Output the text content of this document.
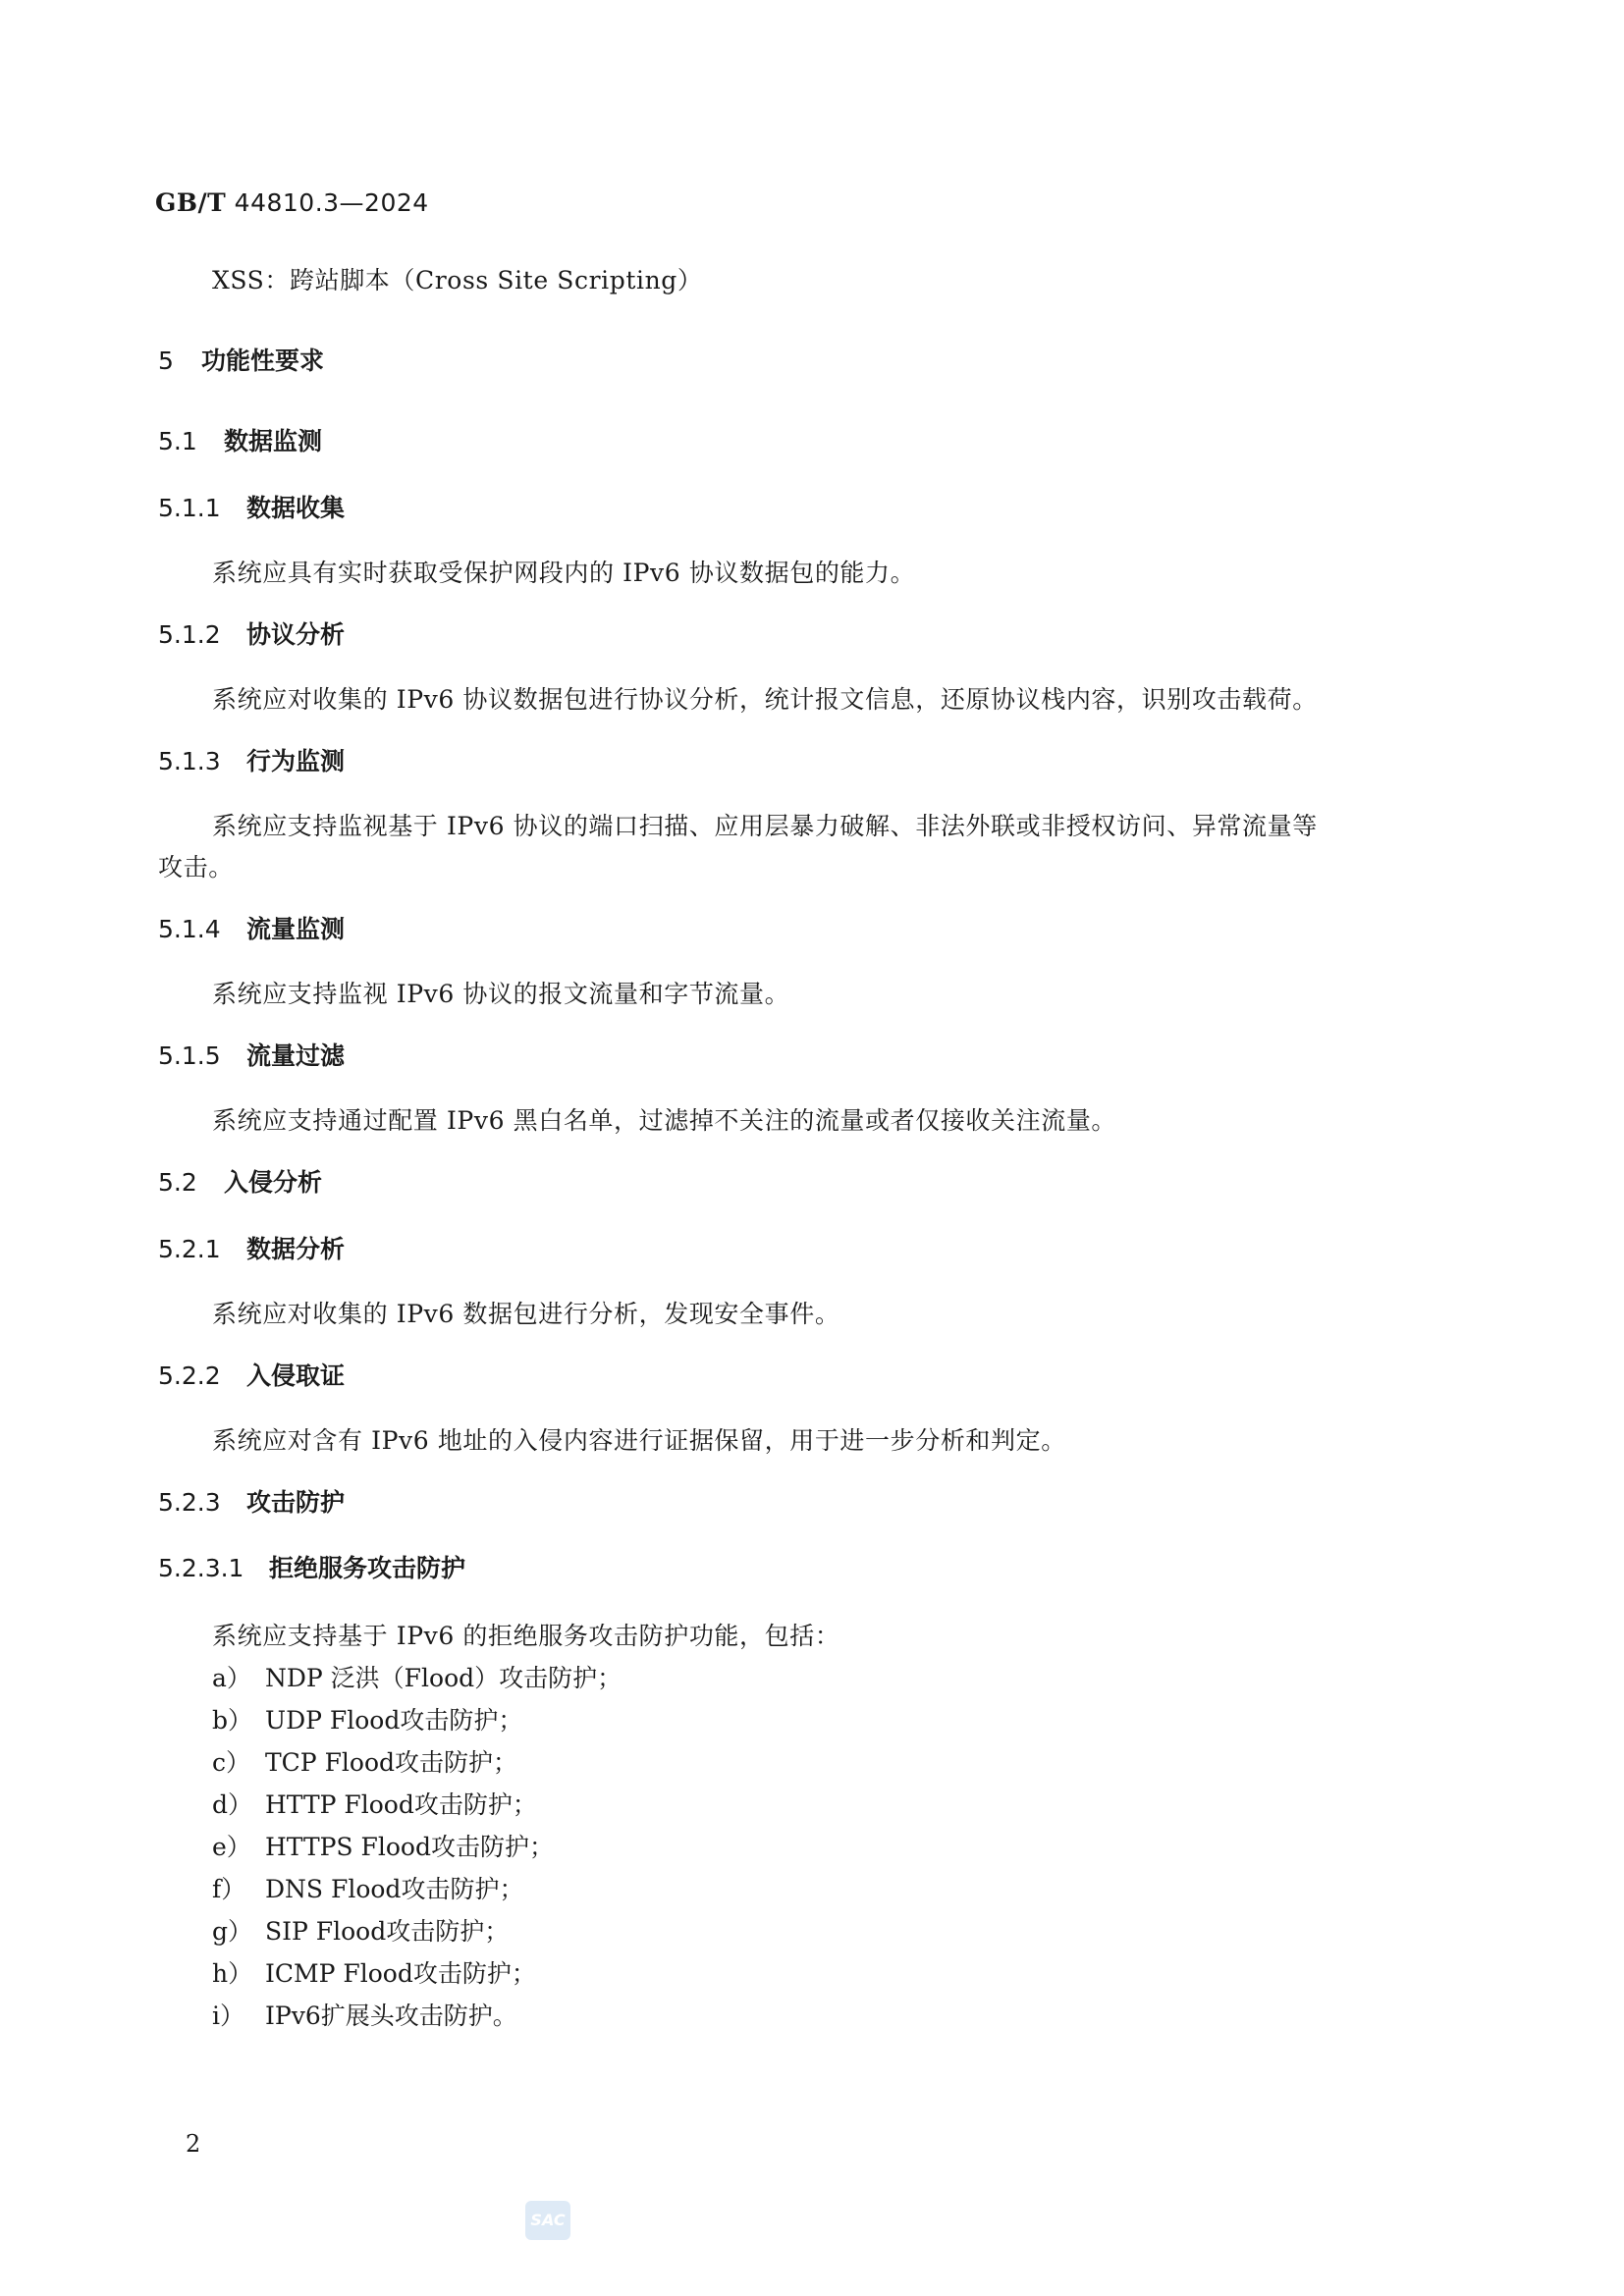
GB/T 44810.3—2024
XSS：跨站脚本（Cross Site Scripting）
5 功能性要求
5.1 数据监测
5.1.1 数据收集
系统应具有实时获取受保护网段内的 IPv6 协议数据包的能力。
5.1.2 协议分析
系统应对收集的 IPv6 协议数据包进行协议分析，统计报文信息，还原协议栈内容，识别攻击载荷。
5.1.3 行为监测
系统应支持监视基于 IPv6 协议的端口扫描、应用层暴力破解、非法外联或非授权访问、异常流量等
攻击。
5.1.4 流量监测
系统应支持监视 IPv6 协议的报文流量和字节流量。
5.1.5 流量过滤
系统应支持通过配置 IPv6 黑白名单，过滤掉不关注的流量或者仅接收关注流量。
5.2 入侵分析
5.2.1 数据分析
系统应对收集的 IPv6 数据包进行分析，发现安全事件。
5.2.2 入侵取证
系统应对含有 IPv6 地址的入侵内容进行证据保留，用于进一步分析和判定。
5.2.3 攻击防护
5.2.3.1 拒绝服务攻击防护
系统应支持基于 IPv6 的拒绝服务攻击防护功能，包括：
a） NDP 泛洪（Flood）攻击防护；
b） UDP Flood攻击防护；
c） TCP Flood攻击防护；
d） HTTP Flood攻击防护；
e） HTTPS Flood攻击防护；
f） DNS Flood攻击防护；
g） SIP Flood攻击防护；
h） ICMP Flood攻击防护；
i） IPv6扩展头攻击防护。
2
SAC
